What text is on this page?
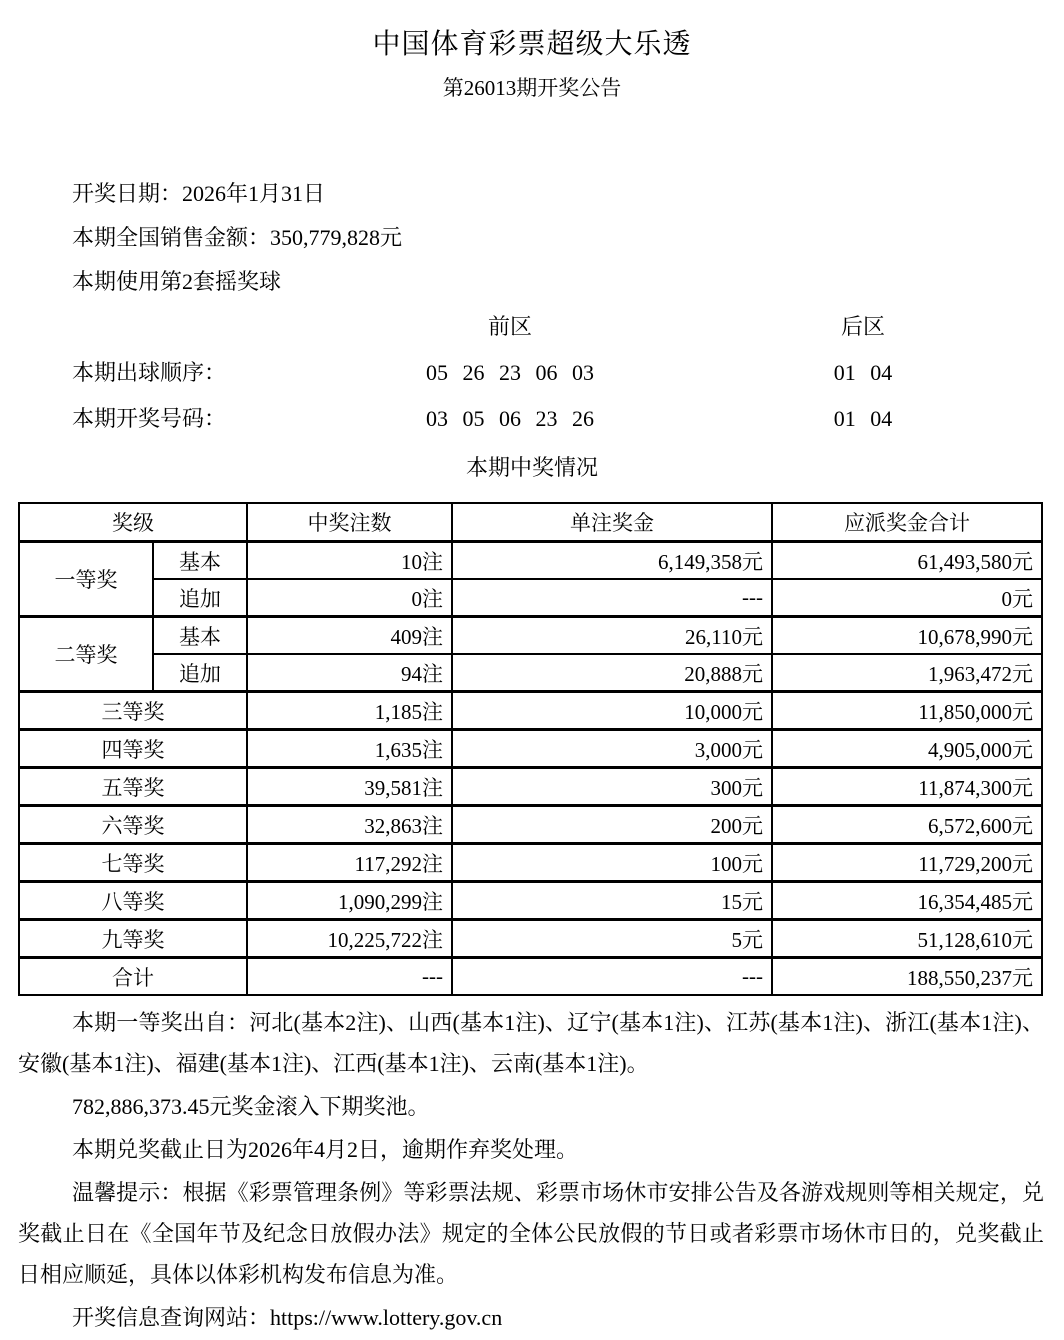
中国体育彩票超级大乐透
第26013期开奖公告

开奖日期：2026年1月31日

本期全国销售金额：350,779,828元

本期使用第2套摇奖球

前区	后区
本期出球顺序：	05 26 23 06 03	01 04
本期开奖号码：	03 05 06 23 26	01 04
本期中奖情况
奖级		中奖注数	单注奖金	应派奖金合计
一等奖	基本	10注	6,149,358元	61,493,580元
	追加	0注	---	0元
二等奖	基本	409注	26,110元	10,678,990元
	追加	94注	20,888元	1,963,472元
三等奖		1,185注	10,000元	11,850,000元
四等奖		1,635注	3,000元	4,905,000元
五等奖		39,581注	300元	11,874,300元
六等奖		32,863注	200元	6,572,600元
七等奖		117,292注	100元	11,729,200元
八等奖		1,090,299注	15元	16,354,485元
九等奖		10,225,722注	5元	51,128,610元
合计		---	---	188,550,237元

本期一等奖出自：河北(基本2注)、山西(基本1注)、辽宁(基本1注)、江苏(基本1注)、浙江(基本1注)、安徽(基本1注)、福建(基本1注)、江西(基本1注)、云南(基本1注)。

782,886,373.45元奖金滚入下期奖池。

本期兑奖截止日为2026年4月2日，逾期作弃奖处理。

温馨提示：根据《彩票管理条例》等彩票法规、彩票市场休市安排公告及各游戏规则等相关规定，兑奖截止日在《全国年节及纪念日放假办法》规定的全体公民放假的节日或者彩票市场休市日的，兑奖截止日相应顺延，具体以体彩机构发布信息为准。

开奖信息查询网站：https://www.lottery.gov.cn
